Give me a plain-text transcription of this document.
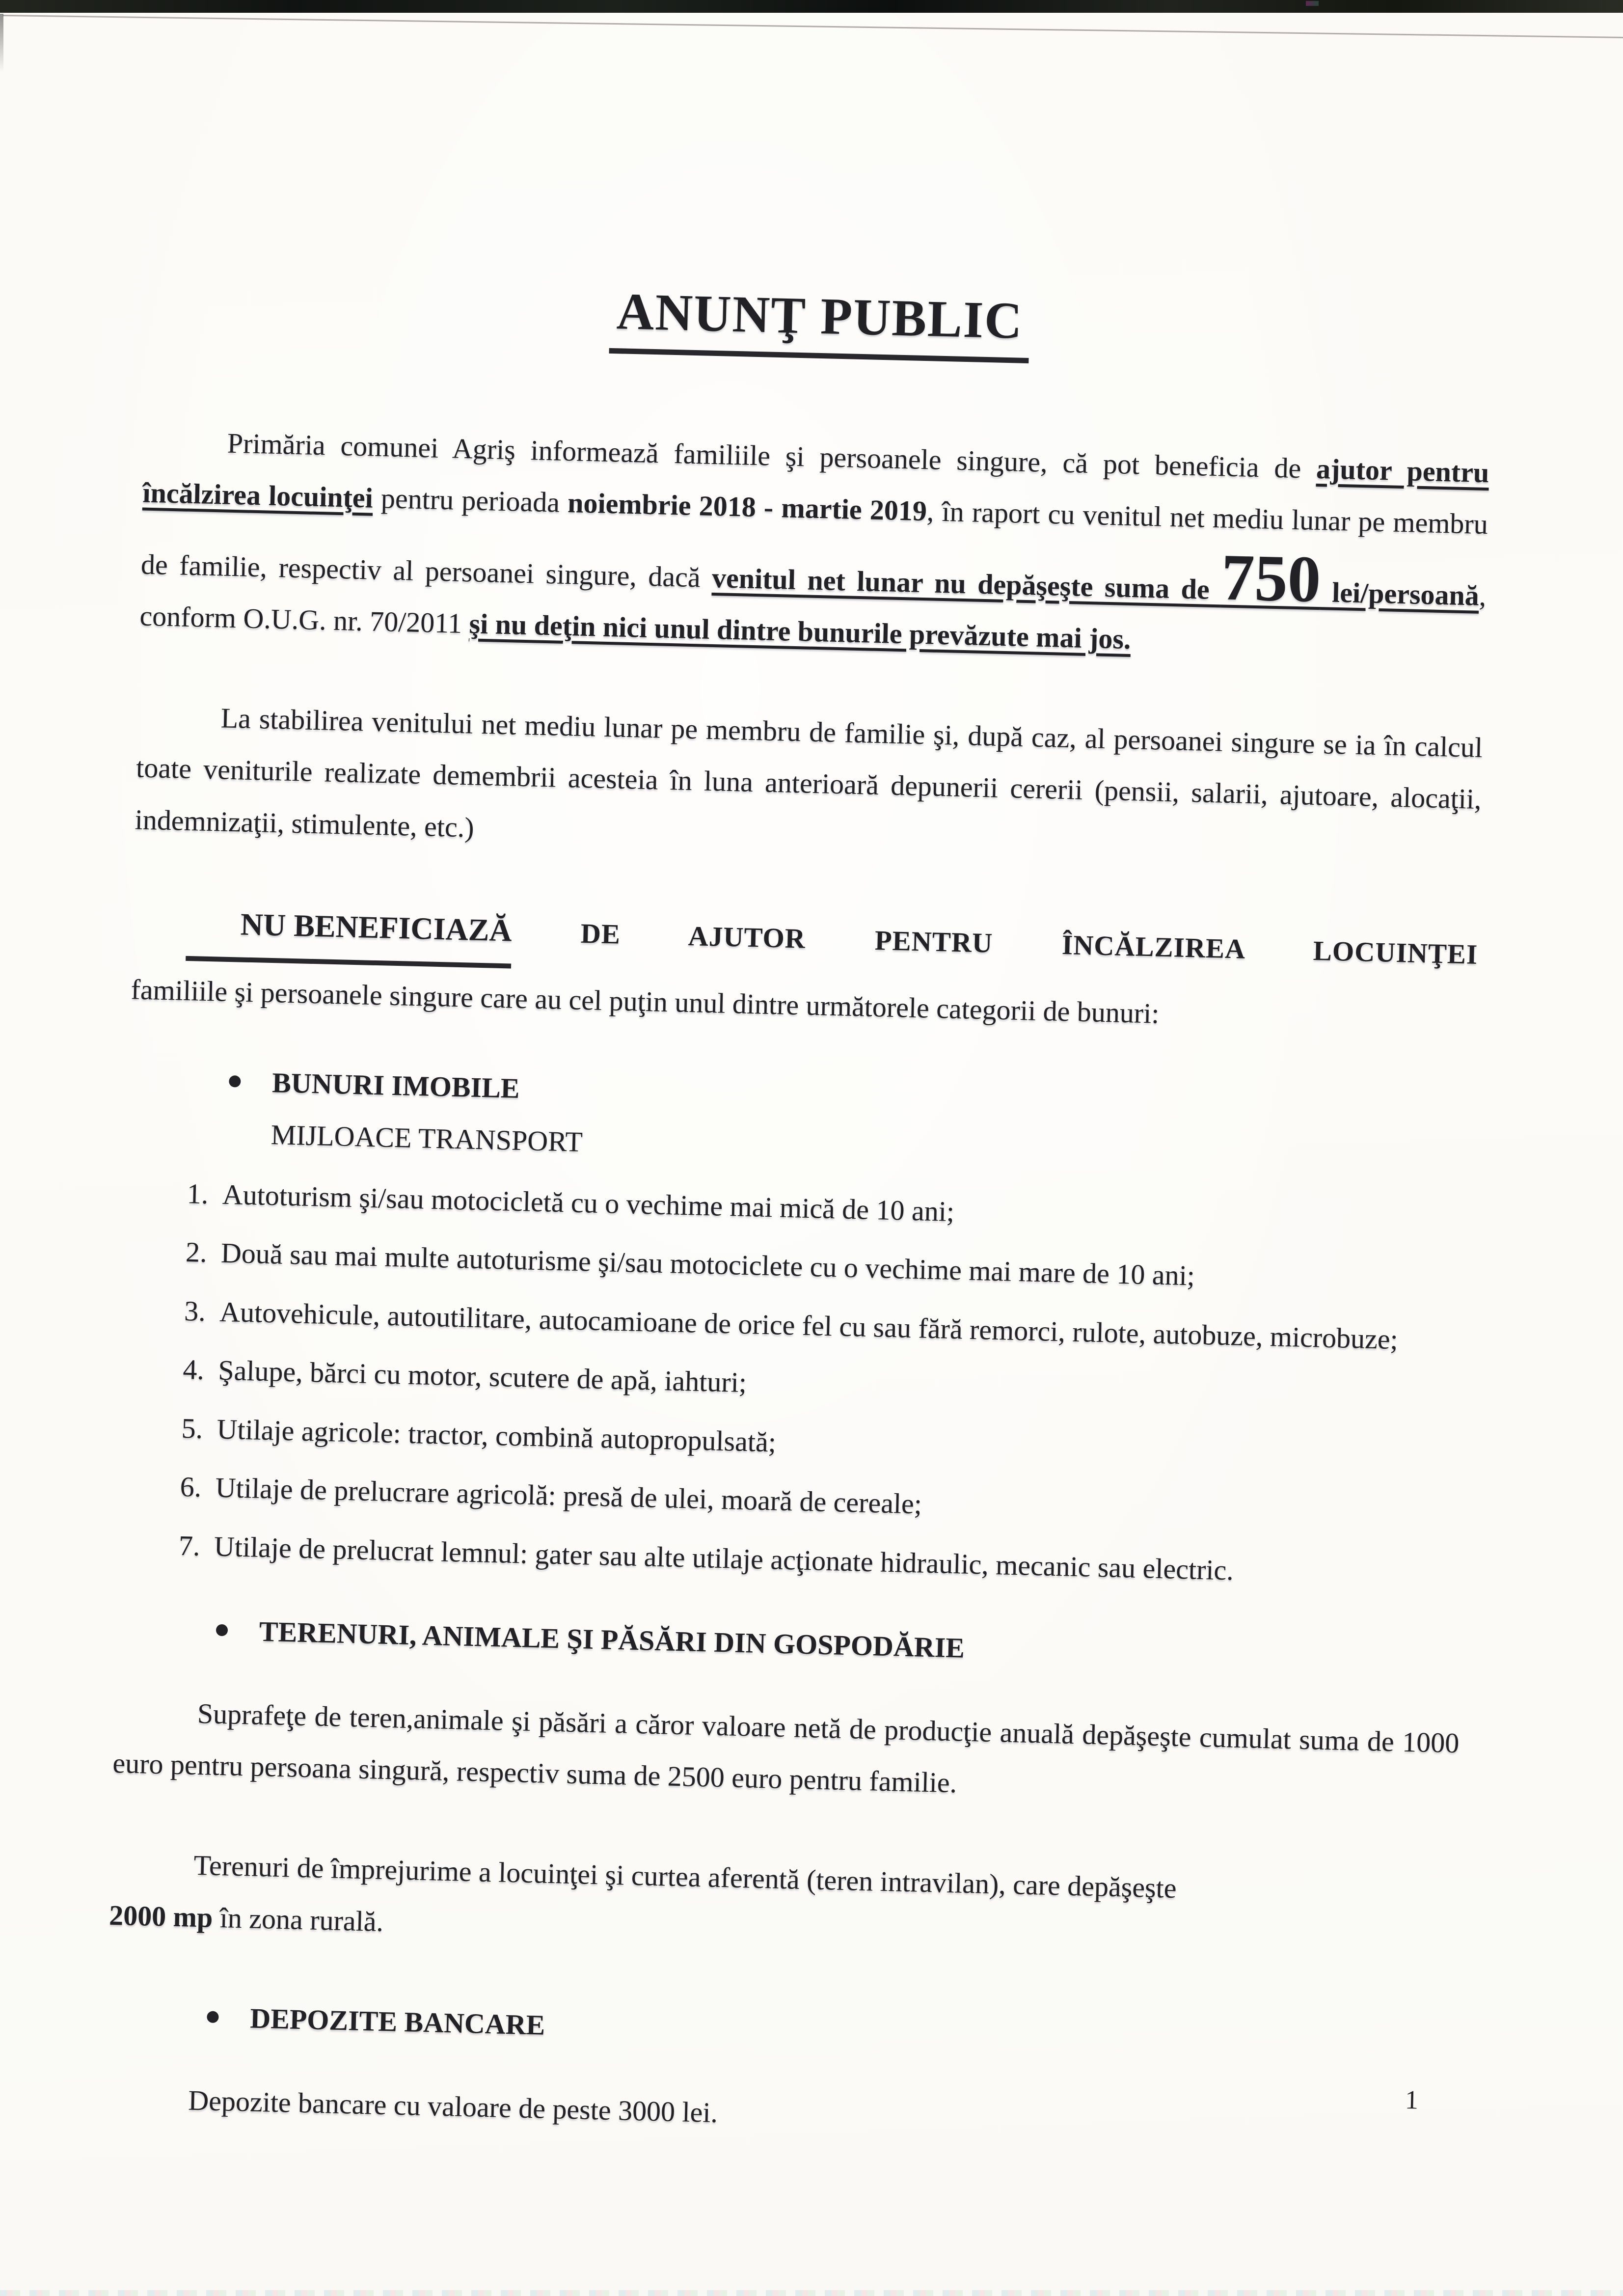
ANUNŢ PUBLIC

Primăria comunei Agriş informează familiile şi persoanele singure, că pot beneficia de ajutor pentru încălzirea locuinţei pentru perioada noiembrie 2018 - martie 2019, în raport cu venitul net mediu lunar pe membru de familie, respectiv al persoanei singure, dacă venitul net lunar nu depăşeşte suma de 750 lei/persoană, conform O.U.G. nr. 70/2011 şi nu deţin nici unul dintre bunurile prevăzute mai jos.

La stabilirea venitului net mediu lunar pe membru de familie şi, după caz, al persoanei singure se ia în calcul toate veniturile realizate demembrii acesteia în luna anterioară depunerii cererii (pensii, salarii, ajutoare, alocaţii, indemnizaţii, stimulente, etc.)

NU BENEFICIAZĂ DE AJUTOR PENTRU ÎNCĂLZIREA LOCUINŢEI

familiile şi persoanele singure care au cel puţin unul dintre următorele categorii de bunuri:

BUNURI IMOBILE
MIJLOACE TRANSPORT
1. Autoturism şi/sau motocicletă cu o vechime mai mică de 10 ani;
2. Două sau mai multe autoturisme şi/sau motociclete cu o vechime mai mare de 10 ani;
3. Autovehicule, autoutilitare, autocamioane de orice fel cu sau fără remorci, rulote, autobuze, microbuze;
4. Şalupe, bărci cu motor, scutere de apă, iahturi;
5. Utilaje agricole: tractor, combină autopropulsată;
6. Utilaje de prelucrare agricolă: presă de ulei, moară de cereale;
7. Utilaje de prelucrat lemnul: gater sau alte utilaje acţionate hidraulic, mecanic sau electric.
TERENURI, ANIMALE ŞI PĂSĂRI DIN GOSPODĂRIE

Suprafeţe de teren,animale şi păsări a căror valoare netă de producţie anuală depăşeşte cumulat suma de 1000 euro pentru persoana singură, respectiv suma de 2500 euro pentru familie.

Terenuri de împrejurime a locuinţei şi curtea aferentă (teren intravilan), care depăşeşte
2000 mp în zona rurală.

DEPOZITE BANCARE

Depozite bancare cu valoare de peste 3000 lei.	1
